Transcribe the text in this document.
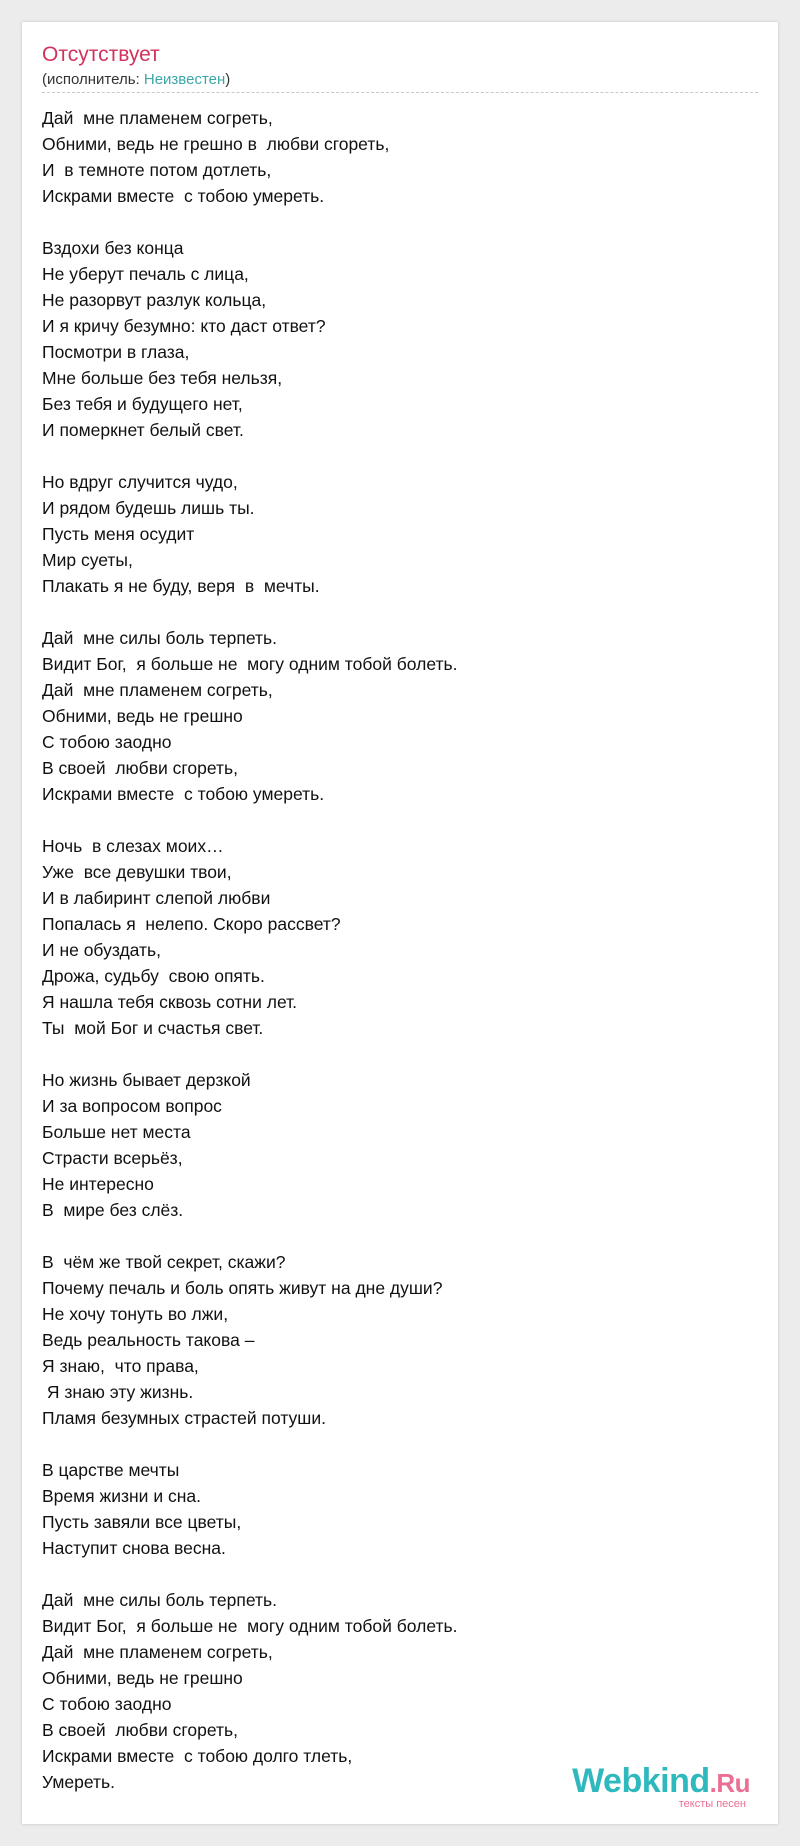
Отсутствует
(исполнитель: Неизвестен)
Дай  мне пламенем согреть,
Обними, ведь не грешно в  любви сгореть,
И  в темноте потом дотлеть,
Искрами вместе  с тобою умереть.
Вздохи без конца
Не уберут печаль с лица,
Не разорвут разлук кольца,
И я кричу безумно: кто даст ответ?
Посмотри в глаза,
Мне больше без тебя нельзя,
Без тебя и будущего нет,
И померкнет белый свет.
Но вдруг случится чудо,
И рядом будешь лишь ты.
Пусть меня осудит
Мир суеты,
Плакать я не буду, веря  в  мечты.
Дай  мне силы боль терпеть.
Видит Бог,  я больше не  могу одним тобой болеть.
Дай  мне пламенем согреть,
Обними, ведь не грешно
С тобою заодно
В своей  любви сгореть,
Искрами вместе  с тобою умереть.
Ночь  в слезах моих…
Уже  все девушки твои,
И в лабиринт слепой любви
Попалась я  нелепо. Скоро рассвет?
И не обуздать,
Дрожа, судьбу  свою опять.
Я нашла тебя сквозь сотни лет.
Ты  мой Бог и счастья свет.
Но жизнь бывает дерзкой
И за вопросом вопрос
Больше нет места
Страсти всерьёз,
Не интересно
В  мире без слёз.
В  чём же твой секрет, скажи?
Почему печаль и боль опять живут на дне души?
Не хочу тонуть во лжи,
Ведь реальность такова –
Я знаю,  что права,
Я знаю эту жизнь.
Пламя безумных страстей потуши.
В царстве мечты
Время жизни и сна.
Пусть завяли все цветы,
Наступит снова весна.
Дай  мне силы боль терпеть.
Видит Бог,  я больше не  могу одним тобой болеть.
Дай  мне пламенем согреть,
Обними, ведь не грешно
С тобою заодно
В своей  любви сгореть,
Искрами вместе  с тобою долго тлеть,
Умереть.	Webkind.Ru
тексты песен
